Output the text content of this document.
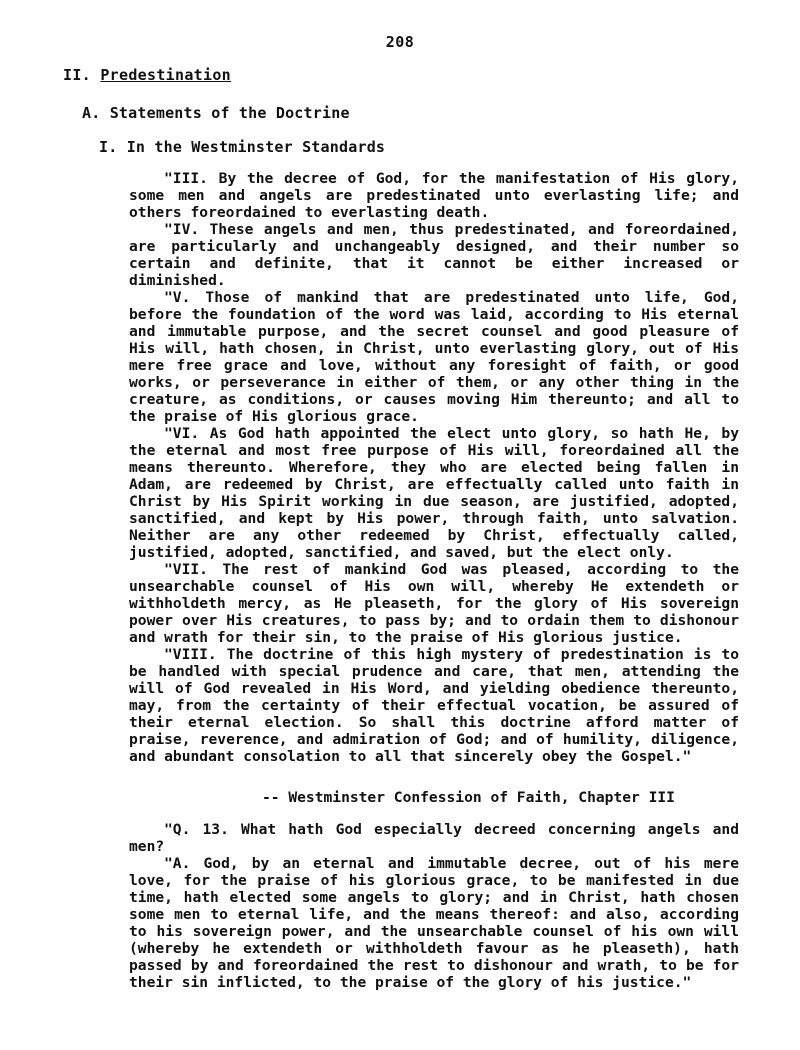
208
II. Predestination
A. Statements of the Doctrine
I. In the Westminster Standards

"III. By the decree of God, for the manifestation of His glory, some men and angels are predestinated unto everlasting life; and others foreordained to everlasting death.

"IV. These angels and men, thus predestinated, and foreordained, are particularly and unchangeably designed, and their number so certain and definite, that it cannot be either increased or diminished.

"V. Those of mankind that are predestinated unto life, God, before the foundation of the word was laid, according to His eternal and immutable purpose, and the secret counsel and good pleasure of His will, hath chosen, in Christ, unto everlasting glory, out of His mere free grace and love, without any foresight of faith, or good works, or perseverance in either of them, or any other thing in the creature, as conditions, or causes moving Him thereunto; and all to the praise of His glorious grace.

"VI. As God hath appointed the elect unto glory, so hath He, by the eternal and most free purpose of His will, foreordained all the means thereunto. Wherefore, they who are elected being fallen in Adam, are redeemed by Christ, are effectually called unto faith in Christ by His Spirit working in due season, are justified, adopted, sanctified, and kept by His power, through faith, unto salvation. Neither are any other redeemed by Christ, effectually called, justified, adopted, sanctified, and saved, but the elect only.

"VII. The rest of mankind God was pleased, according to the unsearchable counsel of His own will, whereby He extendeth or withholdeth mercy, as He pleaseth, for the glory of His sovereign power over His creatures, to pass by; and to ordain them to dishonour and wrath for their sin, to the praise of His glorious justice.

"VIII. The doctrine of this high mystery of predestination is to be handled with special prudence and care, that men, attending the will of God revealed in His Word, and yielding obedience thereunto, may, from the certainty of their effectual vocation, be assured of their eternal election. So shall this doctrine afford matter of praise, reverence, and admiration of God; and of humility, diligence, and abundant consolation to all that sincerely obey the Gospel."

-- Westminster Confession of Faith, Chapter III

"Q. 13. What hath God especially decreed concerning angels and men?

"A. God, by an eternal and immutable decree, out of his mere love, for the praise of his glorious grace, to be manifested in due time, hath elected some angels to glory; and in Christ, hath chosen some men to eternal life, and the means thereof: and also, according to his sovereign power, and the unsearchable counsel of his own will (whereby he extendeth or withholdeth favour as he pleaseth), hath passed by and foreordained the rest to dishonour and wrath, to be for their sin inflicted, to the praise of the glory of his justice."
